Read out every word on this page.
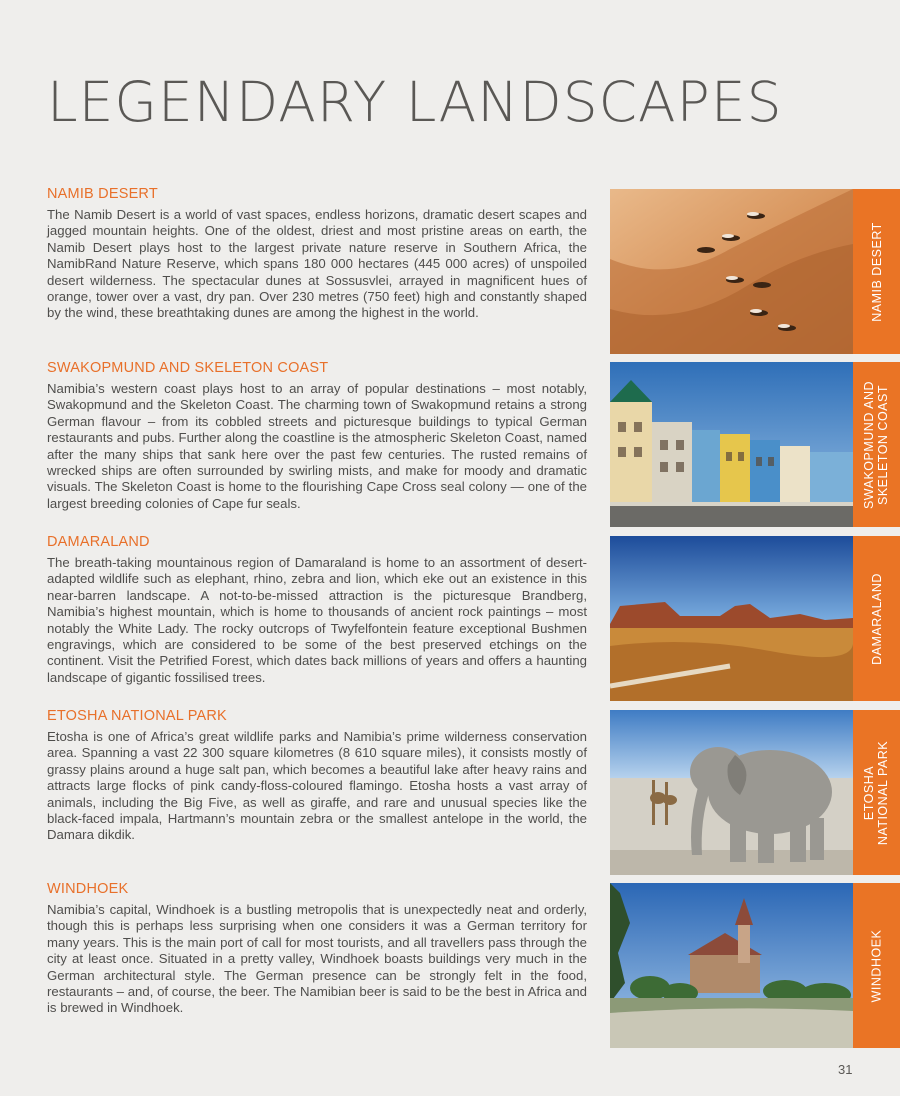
LEGENDARY LANDSCAPES
NAMIB DESERT

The Namib Desert is a world of vast spaces, endless horizons, dramatic desert scapes and jagged mountain heights. One of the oldest, driest and most pristine areas on earth, the Namib Desert plays host to the largest private nature reserve in Southern Africa, the NamibRand Nature Reserve, which spans 180 000 hectares (445 000 acres) of unspoiled desert wilderness. The spectacular dunes at Sossusvlei, arrayed in magnificent hues of orange, tower over a vast, dry pan. Over 230 metres (750 feet) high and constantly shaped by the wind, these breathtaking dunes are among the highest in the world.

SWAKOPMUND AND SKELETON COAST

Namibia’s western coast plays host to an array of popular destinations – most notably, Swakopmund and the Skeleton Coast. The charming town of Swakopmund retains a strong German flavour – from its cobbled streets and picturesque buildings to typical German restaurants and pubs. Further along the coastline is the atmospheric Skeleton Coast, named after the many ships that sank here over the past few centuries. The rusted remains of wrecked ships are often surrounded by swirling mists, and make for moody and dramatic visuals. The Skeleton Coast is home to the flourishing Cape Cross seal colony — one of the largest breeding colonies of Cape fur seals.

DAMARALAND

The breath-taking mountainous region of Damaraland is home to an assortment of desert-adapted wildlife such as elephant, rhino, zebra and lion, which eke out an existence in this near-barren landscape. A not-to-be-missed attraction is the picturesque Brandberg, Namibia’s highest mountain, which is home to thousands of ancient rock paintings – most notably the White Lady. The rocky outcrops of Twyfelfontein feature exceptional Bushmen engravings, which are considered to be some of the best preserved etchings on the continent. Visit the Petrified Forest, which dates back millions of years and offers a haunting landscape of gigantic fossilised trees.

ETOSHA NATIONAL PARK

Etosha is one of Africa’s great wildlife parks and Namibia’s prime wilderness conservation area. Spanning a vast 22 300 square kilometres (8 610 square miles), it consists mostly of grassy plains around a huge salt pan, which becomes a beautiful lake after heavy rains and attracts large flocks of pink candy-floss-coloured flamingo. Etosha hosts a vast array of animals, including the Big Five, as well as giraffe, and rare and unusual species like the black-faced impala, Hartmann’s mountain zebra or the smallest antelope in the world, the Damara dikdik.

WINDHOEK

Namibia’s capital, Windhoek is a bustling metropolis that is unexpectedly neat and orderly, though this is perhaps less surprising when one considers it was a German territory for many years. This is the main port of call for most tourists, and all travellers pass through the city at least once. Situated in a pretty valley, Windhoek boasts buildings very much in the German architectural style. The German presence can be strongly felt in the food, restaurants – and, of course, the beer. The Namibian beer is said to be the best in Africa and is brewed in Windhoek.

NAMIB DESERT
SWAKOPMUND AND
SKELETON COAST
DAMARALAND
ETOSHA
NATIONAL PARK
WINDHOEK
31
